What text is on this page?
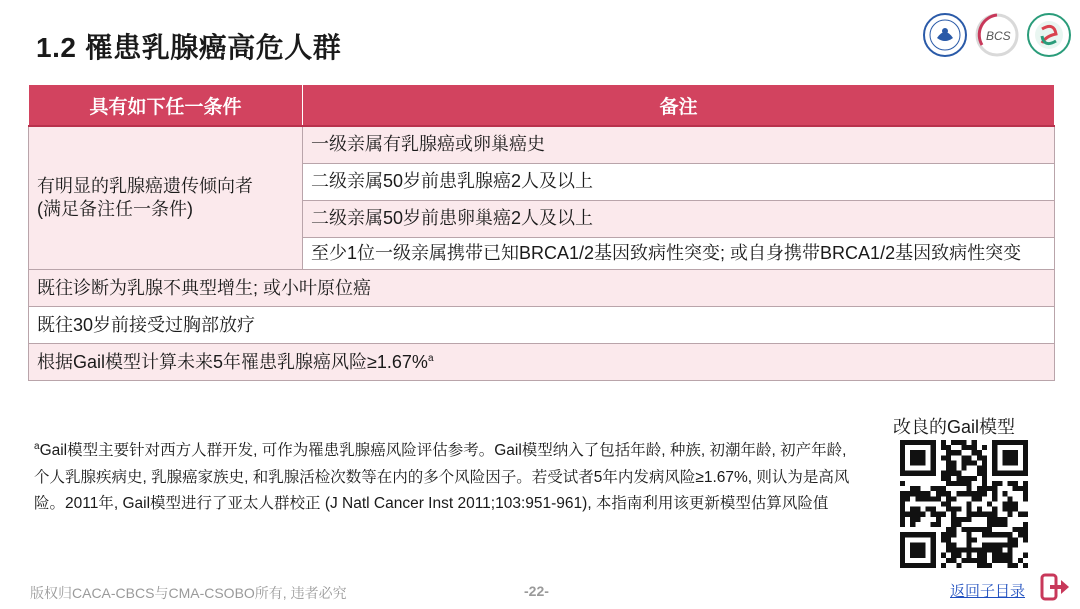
1.2 罹患乳腺癌高危人群	BCS
具有如下任一条件	备注

有明显的乳腺癌遗传倾向者
(满足备注任一条件)	一级亲属有乳腺癌或卵巢癌史
	二级亲属50岁前患乳腺癌2人及以上
	二级亲属50岁前患卵巢癌2人及以上
	至少1位一级亲属携带已知BRCA1/2基因致病性突变; 或自身携带BRCA1/2基因致病性突变
既往诊断为乳腺不典型增生; 或小叶原位癌	
既往30岁前接受过胸部放疗	
根据Gail模型计算未来5年罹患乳腺癌风险≥1.67%$^a$
$^a$Gail模型主要针对西方人群开发, 可作为罹患乳腺癌风险评估参考。Gail模型纳入了包括年龄, 种族, 初潮年龄, 初产年龄, 个人乳腺疾病史, 乳腺癌家族史, 和乳腺活检次数等在内的多个风险因子。若受试者5年内发病风险≥1.67%, 则认为是高风险。2011年, Gail模型进行了亚太人群校正 (J Natl Cancer Inst 2011;103:951-961), 本指南利用该更新模型估算风险值
改良的Gail模型
版权归CACA-CBCS与CMA-CSOBO所有, 违者必究	-22-	返回子目录
